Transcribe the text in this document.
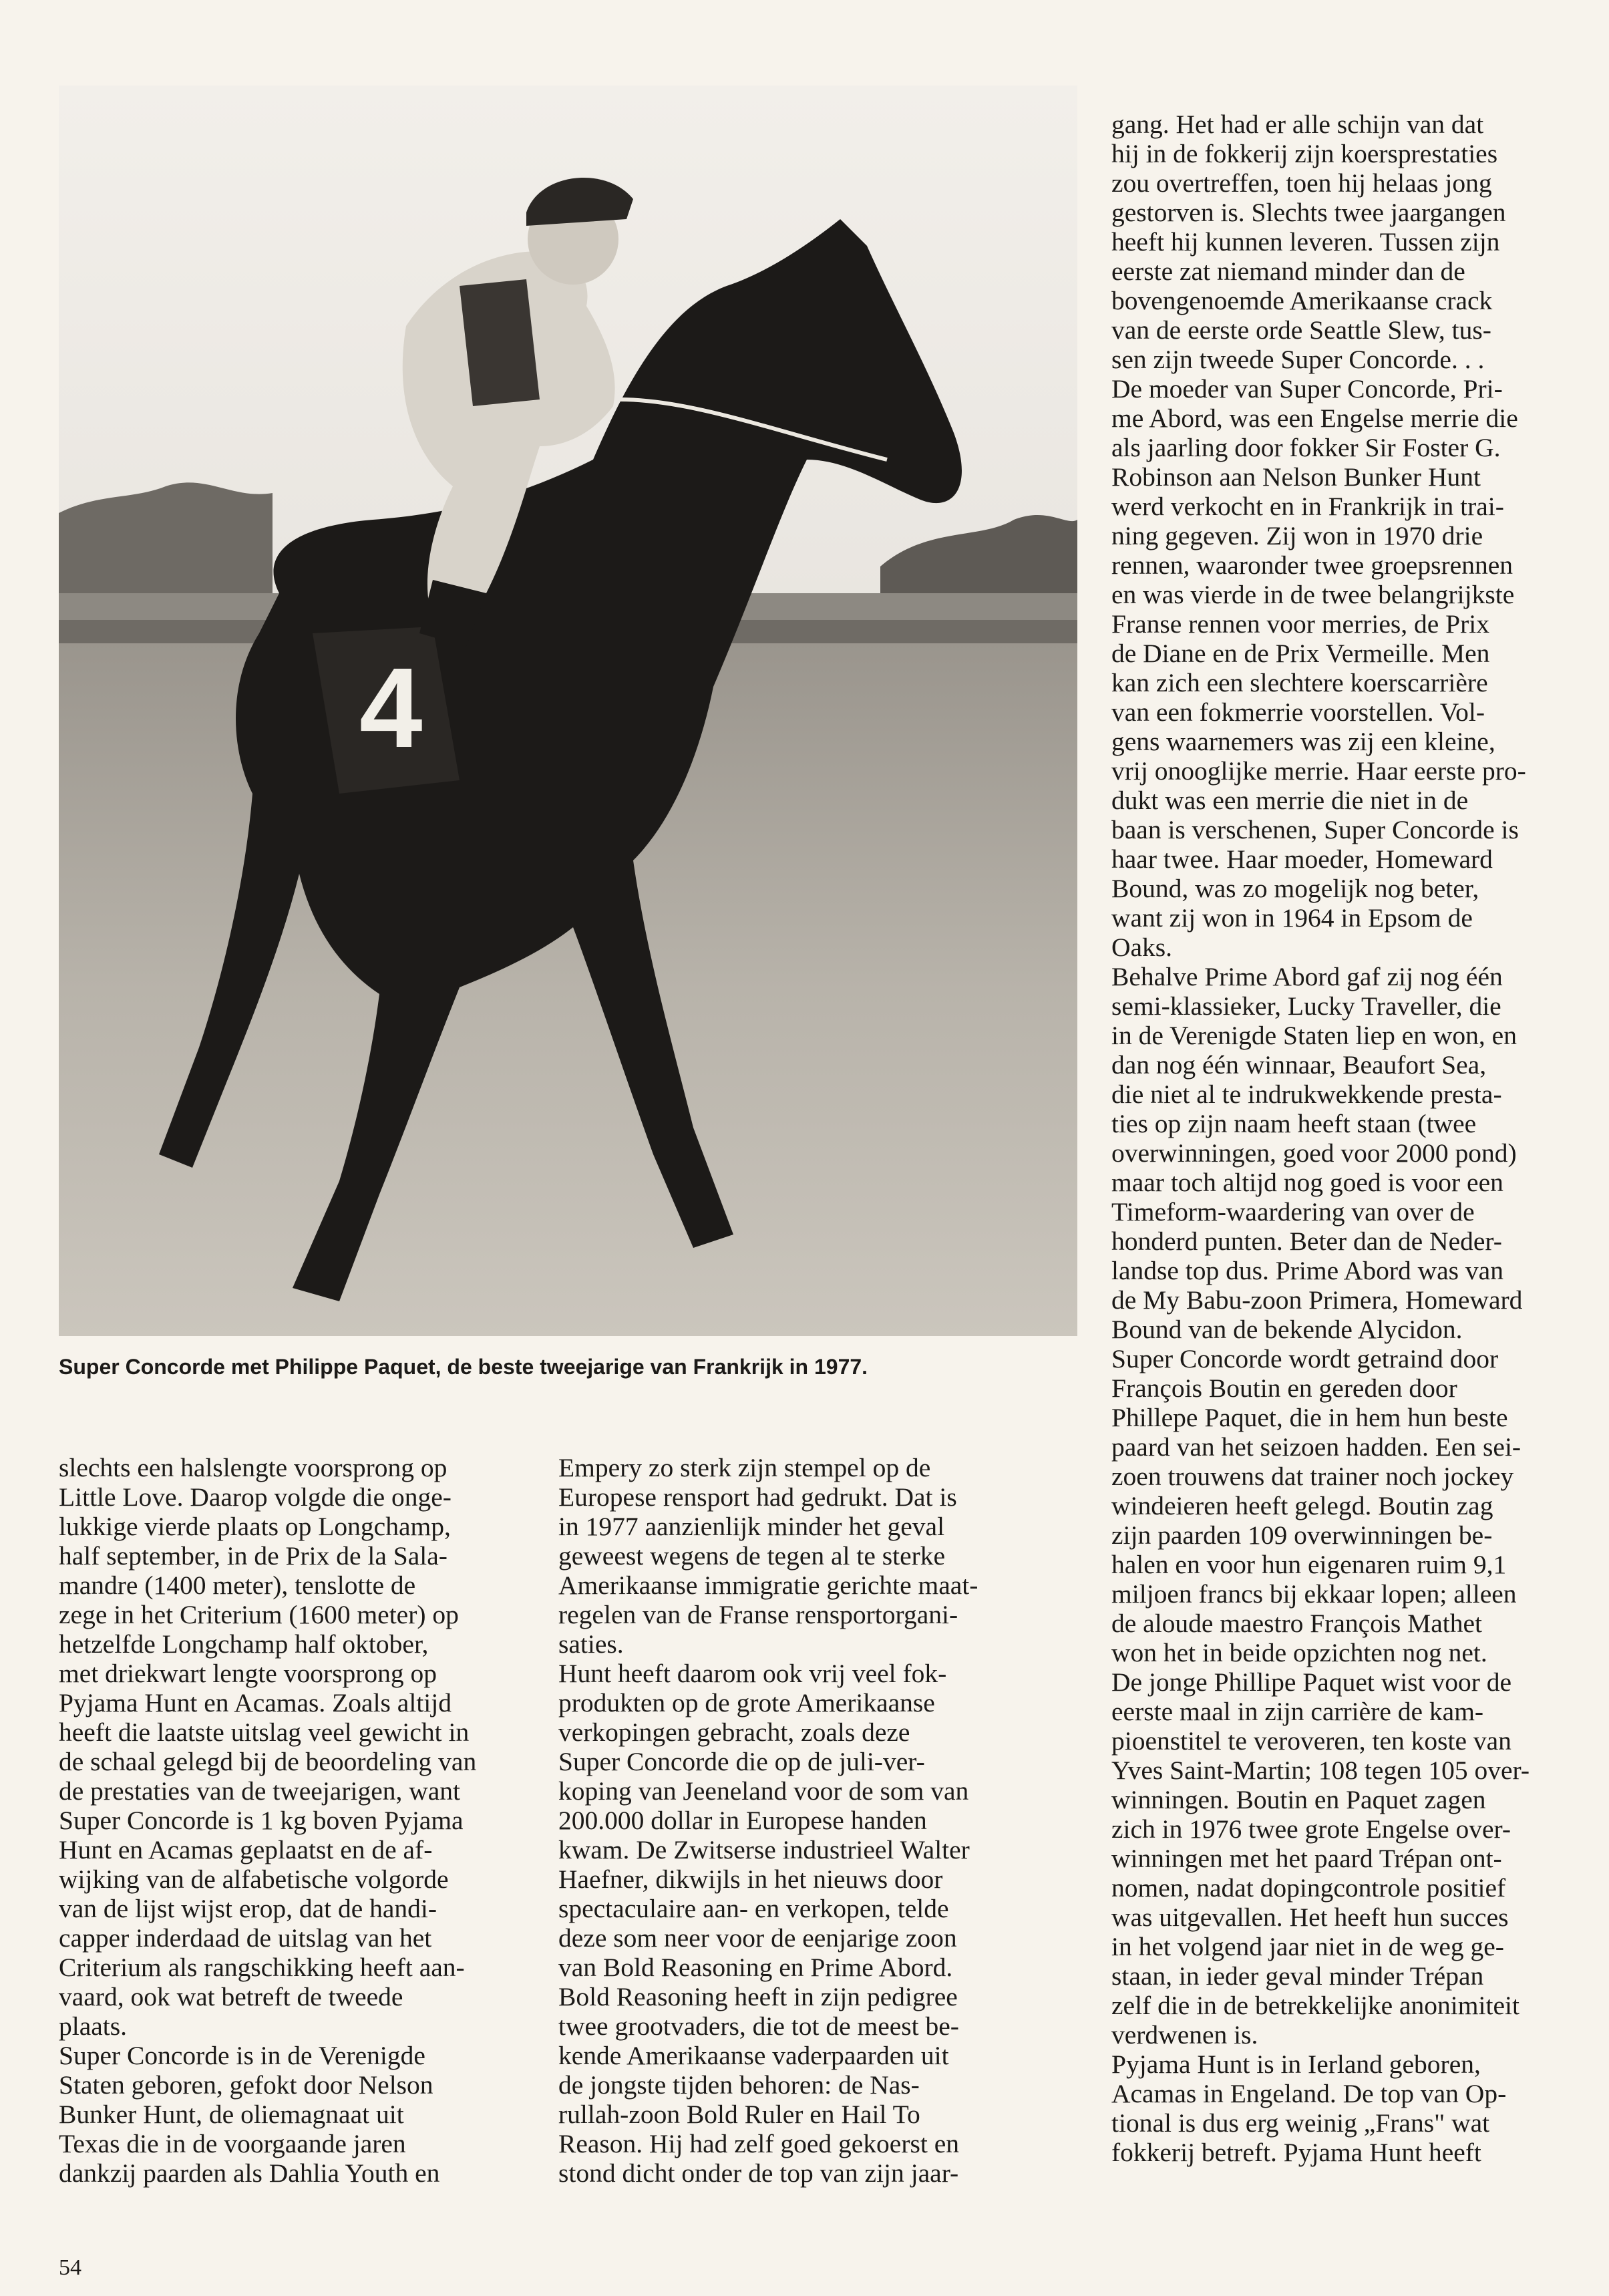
4
Super Concorde met Philippe Paquet, de beste tweejarige van Frankrijk in 1977.
slechts een halslengte voorsprong op
Little Love. Daarop volgde die onge-
lukkige vierde plaats op Longchamp,
half september, in de Prix de la Sala-
mandre (1400 meter), tenslotte de
zege in het Criterium (1600 meter) op
hetzelfde Longchamp half oktober,
met driekwart lengte voorsprong op
Pyjama Hunt en Acamas. Zoals altijd
heeft die laatste uitslag veel gewicht in
de schaal gelegd bij de beoordeling van
de prestaties van de tweejarigen, want
Super Concorde is 1 kg boven Pyjama
Hunt en Acamas geplaatst en de af-
wijking van de alfabetische volgorde
van de lijst wijst erop, dat de handi-
capper inderdaad de uitslag van het
Criterium als rangschikking heeft aan-
vaard, ook wat betreft de tweede
plaats.
Super Concorde is in de Verenigde
Staten geboren, gefokt door Nelson
Bunker Hunt, de oliemagnaat uit
Texas die in de voorgaande jaren
dankzij paarden als Dahlia Youth en
Empery zo sterk zijn stempel op de
Europese rensport had gedrukt. Dat is
in 1977 aanzienlijk minder het geval
geweest wegens de tegen al te sterke
Amerikaanse immigratie gerichte maat-
regelen van de Franse rensportorgani-
saties.
Hunt heeft daarom ook vrij veel fok-
produkten op de grote Amerikaanse
verkopingen gebracht, zoals deze
Super Concorde die op de juli-ver-
koping van Jeeneland voor de som van
200.000 dollar in Europese handen
kwam. De Zwitserse industrieel Walter
Haefner, dikwijls in het nieuws door
spectaculaire aan- en verkopen, telde
deze som neer voor de eenjarige zoon
van Bold Reasoning en Prime Abord.
Bold Reasoning heeft in zijn pedigree
twee grootvaders, die tot de meest be-
kende Amerikaanse vaderpaarden uit
de jongste tijden behoren: de Nas-
rullah-zoon Bold Ruler en Hail To
Reason. Hij had zelf goed gekoerst en
stond dicht onder de top van zijn jaar-
gang. Het had er alle schijn van dat
hij in de fokkerij zijn koersprestaties
zou overtreffen, toen hij helaas jong
gestorven is. Slechts twee jaargangen
heeft hij kunnen leveren. Tussen zijn
eerste zat niemand minder dan de
bovengenoemde Amerikaanse crack
van de eerste orde Seattle Slew, tus-
sen zijn tweede Super Concorde. . .
De moeder van Super Concorde, Pri-
me Abord, was een Engelse merrie die
als jaarling door fokker Sir Foster G.
Robinson aan Nelson Bunker Hunt
werd verkocht en in Frankrijk in trai-
ning gegeven. Zij won in 1970 drie
rennen, waaronder twee groepsrennen
en was vierde in de twee belangrijkste
Franse rennen voor merries, de Prix
de Diane en de Prix Vermeille. Men
kan zich een slechtere koerscarrière
van een fokmerrie voorstellen. Vol-
gens waarnemers was zij een kleine,
vrij onooglijke merrie. Haar eerste pro-
dukt was een merrie die niet in de
baan is verschenen, Super Concorde is
haar twee. Haar moeder, Homeward
Bound, was zo mogelijk nog beter,
want zij won in 1964 in Epsom de
Oaks.
Behalve Prime Abord gaf zij nog één
semi-klassieker, Lucky Traveller, die
in de Verenigde Staten liep en won, en
dan nog één winnaar, Beaufort Sea,
die niet al te indrukwekkende presta-
ties op zijn naam heeft staan (twee
overwinningen, goed voor 2000 pond)
maar toch altijd nog goed is voor een
Timeform-waardering van over de
honderd punten. Beter dan de Neder-
landse top dus. Prime Abord was van
de My Babu-zoon Primera, Homeward
Bound van de bekende Alycidon.
Super Concorde wordt getraind door
François Boutin en gereden door
Phillepe Paquet, die in hem hun beste
paard van het seizoen hadden. Een sei-
zoen trouwens dat trainer noch jockey
windeieren heeft gelegd. Boutin zag
zijn paarden 109 overwinningen be-
halen en voor hun eigenaren ruim 9,1
miljoen francs bij ekkaar lopen; alleen
de aloude maestro François Mathet
won het in beide opzichten nog net.
De jonge Phillipe Paquet wist voor de
eerste maal in zijn carrière de kam-
pioenstitel te veroveren, ten koste van
Yves Saint-Martin; 108 tegen 105 over-
winningen. Boutin en Paquet zagen
zich in 1976 twee grote Engelse over-
winningen met het paard Trépan ont-
nomen, nadat dopingcontrole positief
was uitgevallen. Het heeft hun succes
in het volgend jaar niet in de weg ge-
staan, in ieder geval minder Trépan
zelf die in de betrekkelijke anonimiteit
verdwenen is.
Pyjama Hunt is in Ierland geboren,
Acamas in Engeland. De top van Op-
tional is dus erg weinig „Frans" wat
fokkerij betreft. Pyjama Hunt heeft
54
